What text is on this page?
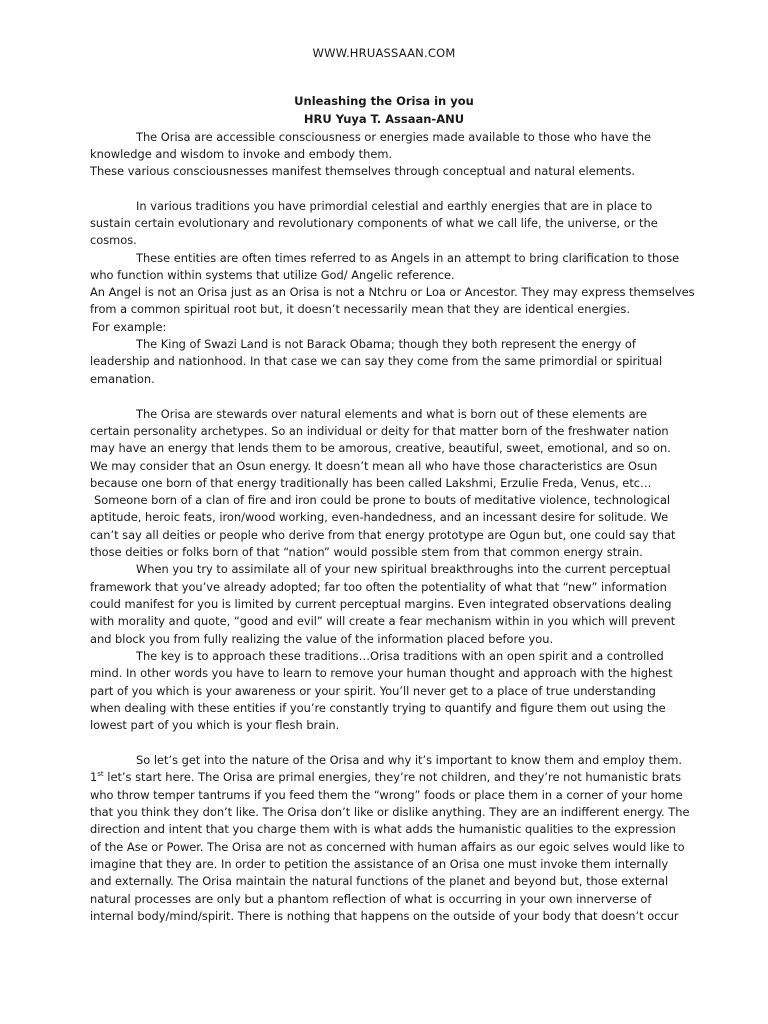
WWW.HRUASSAAN.COM
Unleashing the Orisa in you
HRU Yuya T. Assaan-ANU
The Orisa are accessible consciousness or energies made available to those who have the
knowledge and wisdom to invoke and embody them.
These various consciousnesses manifest themselves through conceptual and natural elements.
In various traditions you have primordial celestial and earthly energies that are in place to
sustain certain evolutionary and revolutionary components of what we call life, the universe, or the
cosmos.
These entities are often times referred to as Angels in an attempt to bring clarification to those
who function within systems that utilize God/ Angelic reference.
An Angel is not an Orisa just as an Orisa is not a Ntchru or Loa or Ancestor. They may express themselves
from a common spiritual root but, it doesn’t necessarily mean that they are identical energies.
For example:
The King of Swazi Land is not Barack Obama; though they both represent the energy of
leadership and nationhood. In that case we can say they come from the same primordial or spiritual
emanation.
The Orisa are stewards over natural elements and what is born out of these elements are
certain personality archetypes. So an individual or deity for that matter born of the freshwater nation
may have an energy that lends them to be amorous, creative, beautiful, sweet, emotional, and so on.
We may consider that an Osun energy. It doesn’t mean all who have those characteristics are Osun
because one born of that energy traditionally has been called Lakshmi, Erzulie Freda, Venus, etc…
Someone born of a clan of fire and iron could be prone to bouts of meditative violence, technological
aptitude, heroic feats, iron/wood working, even-handedness, and an incessant desire for solitude. We
can’t say all deities or people who derive from that energy prototype are Ogun but, one could say that
those deities or folks born of that “nation” would possible stem from that common energy strain.
When you try to assimilate all of your new spiritual breakthroughs into the current perceptual
framework that you’ve already adopted; far too often the potentiality of what that “new” information
could manifest for you is limited by current perceptual margins. Even integrated observations dealing
with morality and quote, “good and evil” will create a fear mechanism within in you which will prevent
and block you from fully realizing the value of the information placed before you.
The key is to approach these traditions…Orisa traditions with an open spirit and a controlled
mind. In other words you have to learn to remove your human thought and approach with the highest
part of you which is your awareness or your spirit. You’ll never get to a place of true understanding
when dealing with these entities if you’re constantly trying to quantify and figure them out using the
lowest part of you which is your flesh brain.
So let’s get into the nature of the Orisa and why it’s important to know them and employ them.
1st let’s start here. The Orisa are primal energies, they’re not children, and they’re not humanistic brats
who throw temper tantrums if you feed them the “wrong” foods or place them in a corner of your home
that you think they don’t like. The Orisa don’t like or dislike anything. They are an indifferent energy. The
direction and intent that you charge them with is what adds the humanistic qualities to the expression
of the Ase or Power. The Orisa are not as concerned with human affairs as our egoic selves would like to
imagine that they are. In order to petition the assistance of an Orisa one must invoke them internally
and externally. The Orisa maintain the natural functions of the planet and beyond but, those external
natural processes are only but a phantom reflection of what is occurring in your own innerverse of
internal body/mind/spirit. There is nothing that happens on the outside of your body that doesn’t occur
